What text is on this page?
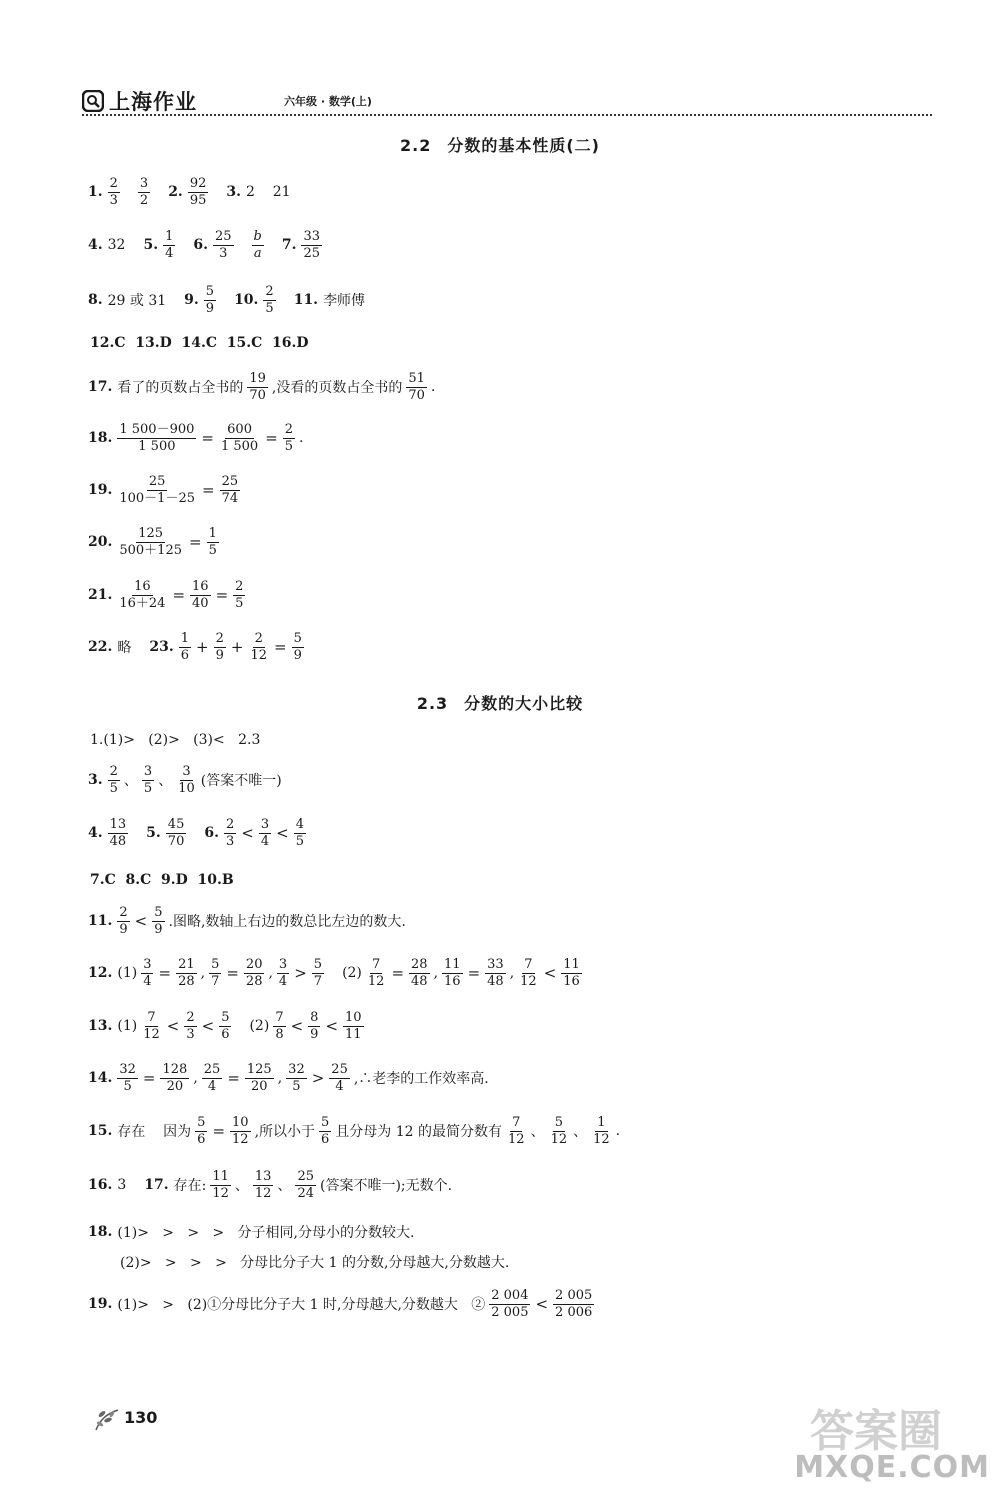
上海作业	六年级 · 数学(上)
2.2 分数的基本性质(二)
1. $\frac{2}{3} \frac{3}{2} 2$. $\frac{92}{95} 3$. 2    21
4. 32 5. $\frac{1}{4} 6$. $\frac{25}{3} \frac{b}{a} 7$. $\frac{33}{25}$
8. 29 或 31 9. $\frac{5}{9} 10$. $\frac{2}{5} 11$. 李师傅
12.C  13.D  14.C  15.C  16.D
17. 看了的页数占全书的 $\frac{19}{70}$ ,没看的页数占全书的 $\frac{51}{70}$ .
18. $\frac{1 500-900}{1 500} = \frac{600}{1 500} = \frac{2}{5}$ .
19. $\frac{25}{100-1-25} = \frac{25}{74}$
20. $\frac{125}{500+125} = \frac{1}{5}$
21. $\frac{16}{16+24} = \frac{16}{40} = \frac{2}{5}$
22. 略 23. $\frac{1}{6} + \frac{2}{9} + \frac{2}{12} = \frac{5}{9}$
2.3 分数的大小比较
1.(1)>   (2)>   (3)<   2.3
3. $\frac{2}{5}$ 、 $\frac{3}{5}$ 、 $\frac{3}{10}$ (答案不唯一)
4. $\frac{13}{48} 5$. $\frac{45}{70} 6$. $\frac{2}{3} < \frac{3}{4} < \frac{4}{5}$
7.C  8.C  9.D  10.B
11. $\frac{2}{9} < \frac{5}{9}$ .图略,数轴上右边的数总比左边的数大.
12. $(1) \frac{3}{4} = \frac{21}{28}$ , $\frac{5}{7} = \frac{20}{28}$ , $\frac{3}{4} > \frac{5}{7} (2) \frac{7}{12} = \frac{28}{48}$ , $\frac{11}{16} = \frac{33}{48}$ , $\frac{7}{12} < \frac{11}{16}$
13. $(1) \frac{7}{12} < \frac{2}{3} < \frac{5}{6} (2) \frac{7}{8} < \frac{8}{9} < \frac{10}{11}$
14. $\frac{32}{5} = \frac{128}{20}$ , $\frac{25}{4} = \frac{125}{20}$ , $\frac{32}{5} > \frac{25}{4}$ ,∴老李的工作效率高.
15. 存在    因为 $\frac{5}{6} = \frac{10}{12}$ ,所以小于 $\frac{5}{6}$ 且分母为 12 的最简分数有 $\frac{7}{12}$ 、 $\frac{5}{12}$ 、 $\frac{1}{12}$ .
16. 3 17. 存在: $\frac{11}{12}$ 、 $\frac{13}{12}$ 、 $\frac{25}{24}$ (答案不唯一);无数个.
18. (1)>   >   >   >   分子相同,分母小的分数较大.
(2)>   >   >   >   分母比分子大 1 的分数,分母越大,分数越大.
19. (1)>   >   (2)①分母比分子大 1 时,分母越大,分数越大   ② $\frac{2 004}{2 005} < \frac{2 005}{2 006}$
130	答案圈
MXQE.COM
